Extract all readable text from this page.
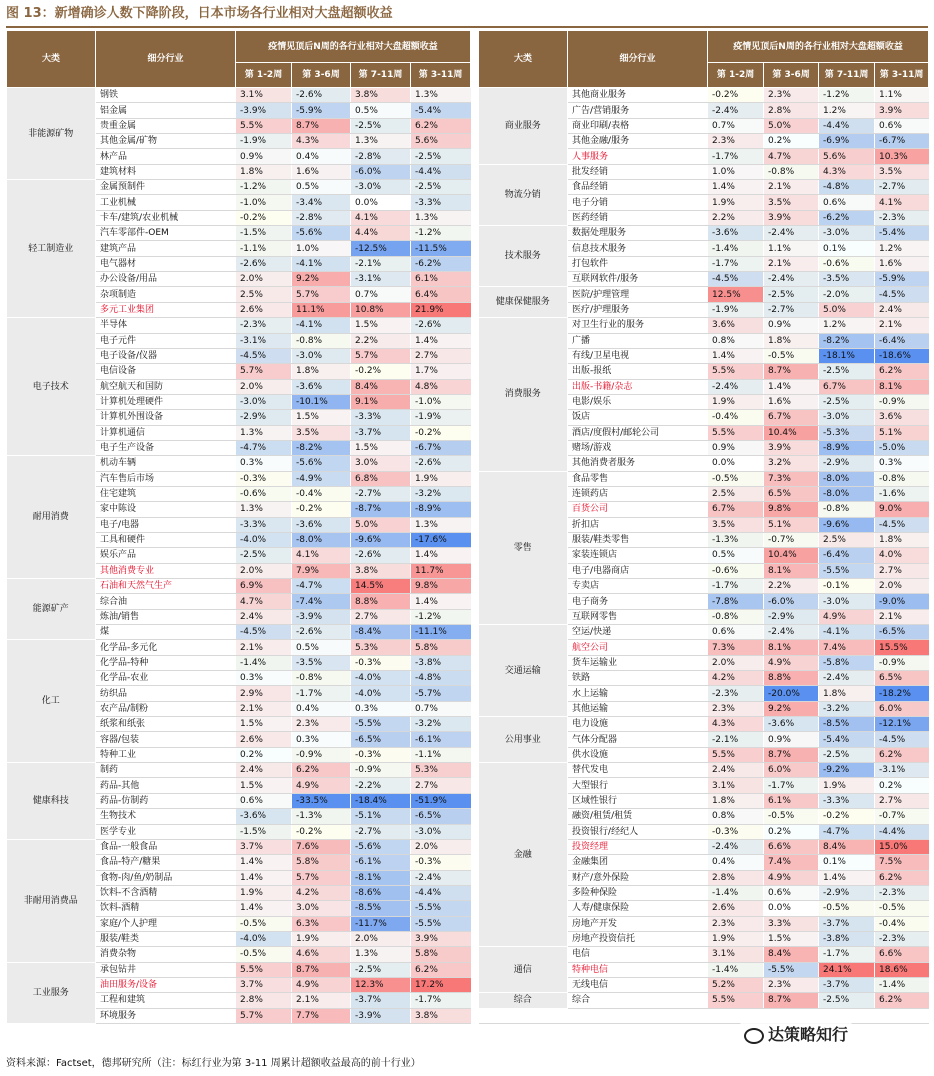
图 13：新增确诊人数下降阶段，日本市场各行业相对大盘超额收益
大类	细分行业	疫情见顶后N周的各行业相对大盘超额收益					大类	细分行业	疫情见顶后N周的各行业相对大盘超额收益			
		第 1-2周	第 3-6周	第 7-11周	第 3-11周				第 1-2周	第 3-6周	第 7-11周	第 3-11周
非能源矿物	钢铁	3.1%	-2.6%	3.8%	1.3%		商业服务	其他商业服务	-0.2%	2.3%	-1.2%	1.1%
	铝金属	-3.9%	-5.9%	0.5%	-5.4%			广告/营销服务	-2.4%	2.8%	1.2%	3.9%
	贵重金属	5.5%	8.7%	-2.5%	6.2%			商业印刷/表格	0.7%	5.0%	-4.4%	0.6%
	其他金属/矿物	-1.9%	4.3%	1.3%	5.6%			其他金融/服务	2.3%	0.2%	-6.9%	-6.7%
	林产品	0.9%	0.4%	-2.8%	-2.5%			人事服务	-1.7%	4.7%	5.6%	10.3%
	建筑材料	1.8%	1.6%	-6.0%	-4.4%		物流分销	批发经销	1.0%	-0.8%	4.3%	3.5%
轻工制造业	金属预制件	-1.2%	0.5%	-3.0%	-2.5%			食品经销	1.4%	2.1%	-4.8%	-2.7%
	工业机械	-1.0%	-3.4%	0.0%	-3.3%			电子分销	1.9%	3.5%	0.6%	4.1%
	卡车/建筑/农业机械	-0.2%	-2.8%	4.1%	1.3%			医药经销	2.2%	3.9%	-6.2%	-2.3%
	汽车零部件-OEM	-1.5%	-5.6%	4.4%	-1.2%		技术服务	数据处理服务	-3.6%	-2.4%	-3.0%	-5.4%
	建筑产品	-1.1%	1.0%	-12.5%	-11.5%			信息技术服务	-1.4%	1.1%	0.1%	1.2%
	电气器材	-2.6%	-4.1%	-2.1%	-6.2%			打包软件	-1.7%	2.1%	-0.6%	1.6%
	办公设备/用品	2.0%	9.2%	-3.1%	6.1%			互联网软件/服务	-4.5%	-2.4%	-3.5%	-5.9%
	杂项制造	2.5%	5.7%	0.7%	6.4%		健康保健服务	医院/护理管理	12.5%	-2.5%	-2.0%	-4.5%
	多元工业集团	2.6%	11.1%	10.8%	21.9%			医疗/护理服务	-1.9%	-2.7%	5.0%	2.4%
电子技术	半导体	-2.3%	-4.1%	1.5%	-2.6%		消费服务	对卫生行业的服务	3.6%	0.9%	1.2%	2.1%
	电子元件	-3.1%	-0.8%	2.2%	1.4%			广播	0.8%	1.8%	-8.2%	-6.4%
	电子设备/仪器	-4.5%	-3.0%	5.7%	2.7%			有线/卫星电视	1.4%	-0.5%	-18.1%	-18.6%
	电信设备	5.7%	1.8%	-0.2%	1.7%			出版-报纸	5.5%	8.7%	-2.5%	6.2%
	航空航天和国防	2.0%	-3.6%	8.4%	4.8%			出版-书籍/杂志	-2.4%	1.4%	6.7%	8.1%
	计算机处理硬件	-3.0%	-10.1%	9.1%	-1.0%			电影/娱乐	1.9%	1.6%	-2.5%	-0.9%
	计算机外围设备	-2.9%	1.5%	-3.3%	-1.9%			饭店	-0.4%	6.7%	-3.0%	3.6%
	计算机通信	1.3%	3.5%	-3.7%	-0.2%			酒店/度假村/邮轮公司	5.5%	10.4%	-5.3%	5.1%
	电子生产设备	-4.7%	-8.2%	1.5%	-6.7%			赌场/游戏	0.9%	3.9%	-8.9%	-5.0%
耐用消费	机动车辆	0.3%	-5.6%	3.0%	-2.6%			其他消费者服务	0.0%	3.2%	-2.9%	0.3%
	汽车售后市场	-0.3%	-4.9%	6.8%	1.9%		零售	食品零售	-0.5%	7.3%	-8.0%	-0.8%
	住宅建筑	-0.6%	-0.4%	-2.7%	-3.2%			连锁药店	2.5%	6.5%	-8.0%	-1.6%
	家中陈设	1.3%	-0.2%	-8.7%	-8.9%			百货公司	6.7%	9.8%	-0.8%	9.0%
	电子/电器	-3.3%	-3.6%	5.0%	1.3%			折扣店	3.5%	5.1%	-9.6%	-4.5%
	工具和硬件	-4.0%	-8.0%	-9.6%	-17.6%			服装/鞋类零售	-1.3%	-0.7%	2.5%	1.8%
	娱乐产品	-2.5%	4.1%	-2.6%	1.4%			家装连锁店	0.5%	10.4%	-6.4%	4.0%
	其他消费专业	2.0%	7.9%	3.8%	11.7%			电子/电器商店	-0.6%	8.1%	-5.5%	2.7%
能源矿产	石油和天然气生产	6.9%	-4.7%	14.5%	9.8%			专卖店	-1.7%	2.2%	-0.1%	2.0%
	综合油	4.7%	-7.4%	8.8%	1.4%			电子商务	-7.8%	-6.0%	-3.0%	-9.0%
	炼油/销售	2.4%	-3.9%	2.7%	-1.2%			互联网零售	-0.8%	-2.9%	4.9%	2.1%
	煤	-4.5%	-2.6%	-8.4%	-11.1%		交通运输	空运/快递	0.6%	-2.4%	-4.1%	-6.5%
化工	化学品-多元化	2.1%	0.5%	5.3%	5.8%			航空公司	7.3%	8.1%	7.4%	15.5%
	化学品-特种	-1.4%	-3.5%	-0.3%	-3.8%			货车运输业	2.0%	4.9%	-5.8%	-0.9%
	化学品-农业	0.3%	-0.8%	-4.0%	-4.8%			铁路	4.2%	8.8%	-2.4%	6.5%
	纺织品	2.9%	-1.7%	-4.0%	-5.7%			水上运输	-2.3%	-20.0%	1.8%	-18.2%
	农产品/制粉	2.1%	0.4%	0.3%	0.7%			其他运输	2.3%	9.2%	-3.2%	6.0%
	纸浆和纸张	1.5%	2.3%	-5.5%	-3.2%		公用事业	电力设施	4.3%	-3.6%	-8.5%	-12.1%
	容器/包装	2.6%	0.3%	-6.5%	-6.1%			气体分配器	-2.1%	0.9%	-5.4%	-4.5%
	特种工业	0.2%	-0.9%	-0.3%	-1.1%			供水设施	5.5%	8.7%	-2.5%	6.2%
健康科技	制药	2.4%	6.2%	-0.9%	5.3%		金融	替代发电	2.4%	6.0%	-9.2%	-3.1%
	药品-其他	1.5%	4.9%	-2.2%	2.7%			大型银行	3.1%	-1.7%	1.9%	0.2%
	药品-仿制药	0.6%	-33.5%	-18.4%	-51.9%			区域性银行	1.8%	6.1%	-3.3%	2.7%
	生物技术	-3.6%	-1.3%	-5.1%	-6.5%			融资/租赁/租赁	0.8%	-0.5%	-0.2%	-0.7%
	医学专业	-1.5%	-0.2%	-2.7%	-3.0%			投资银行/经纪人	-0.3%	0.2%	-4.7%	-4.4%
非耐用消费品	食品-一般食品	3.7%	7.6%	-5.6%	2.0%			投资经理	-2.4%	6.6%	8.4%	15.0%
	食品-特产/糖果	1.4%	5.8%	-6.1%	-0.3%			金融集团	0.4%	7.4%	0.1%	7.5%
	食物-肉/鱼/奶制品	1.4%	5.7%	-8.1%	-2.4%			财产/意外保险	2.8%	4.9%	1.4%	6.2%
	饮料-不含酒精	1.9%	4.2%	-8.6%	-4.4%			多险种保险	-1.4%	0.6%	-2.9%	-2.3%
	饮料-酒精	1.4%	3.0%	-8.5%	-5.5%			人寿/健康保险	2.6%	0.0%	-0.5%	-0.5%
	家庭/个人护理	-0.5%	6.3%	-11.7%	-5.5%			房地产开发	2.3%	3.3%	-3.7%	-0.4%
	服装/鞋类	-4.0%	1.9%	2.0%	3.9%			房地产投资信托	1.9%	1.5%	-3.8%	-2.3%
	消费杂物	-0.5%	4.6%	1.3%	5.8%		通信	电信	3.1%	8.4%	-1.7%	6.6%
工业服务	承包钻井	5.5%	8.7%	-2.5%	6.2%			特种电信	-1.4%	-5.5%	24.1%	18.6%
	油田服务/设备	3.7%	4.9%	12.3%	17.2%			无线电信	5.2%	2.3%	-3.7%	-1.4%
	工程和建筑	2.8%	2.1%	-3.7%	-1.7%		综合	综合	5.5%	8.7%	-2.5%	6.2%
	环境服务	5.7%	7.7%	-3.9%	3.8%							
资料来源：Factset，德邦研究所（注：标红行业为第 3-11 周累计超额收益最高的前十行业）
达策略知行
